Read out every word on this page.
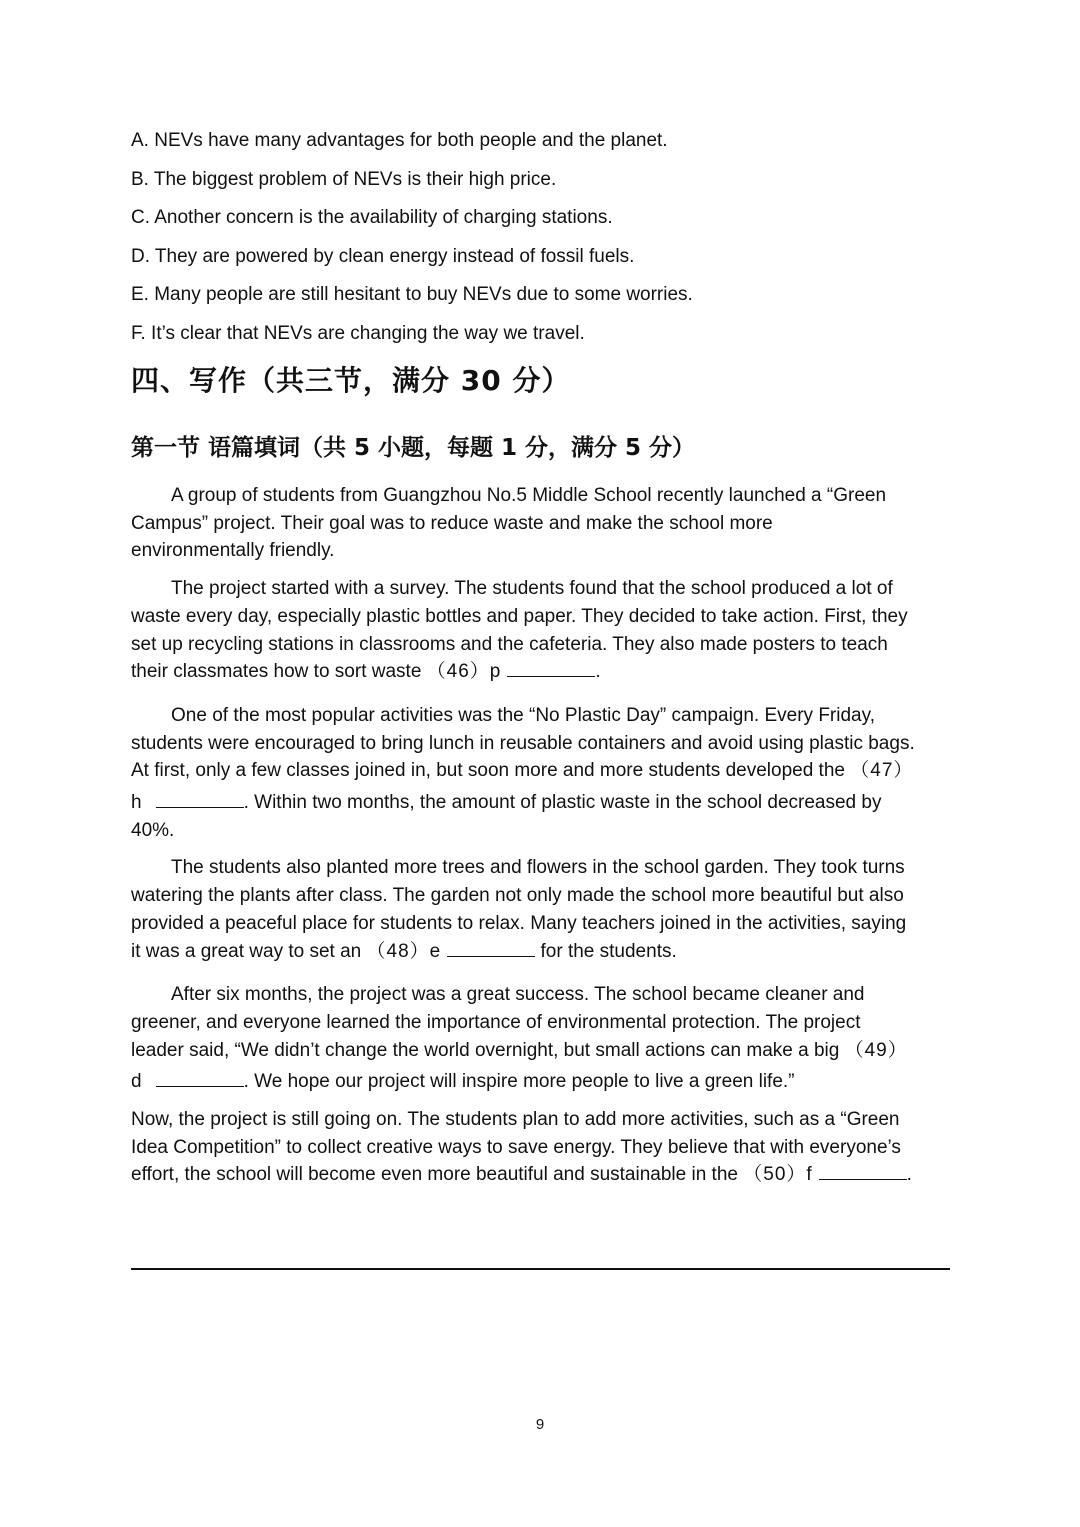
A. NEVs have many advantages for both people and the planet.
B. The biggest problem of NEVs is their high price.
C. Another concern is the availability of charging stations.
D. They are powered by clean energy instead of fossil fuels.
E. Many people are still hesitant to buy NEVs due to some worries.
F. It’s clear that NEVs are changing the way we travel.
四、写作（共三节，满分 30 分）
第一节 语篇填词（共 5 小题，每题 1 分，满分 5 分）
A group of students from Guangzhou No.5 Middle School recently launched a “Green
Campus” project. Their goal was to reduce waste and make the school more
environmentally friendly.
The project started with a survey. The students found that the school produced a lot of
waste every day, especially plastic bottles and paper. They decided to take action. First, they
set up recycling stations in classrooms and the cafeteria. They also made posters to teach
their classmates how to sort waste （46）p	.
One of the most popular activities was the “No Plastic Day” campaign. Every Friday,
students were encouraged to bring lunch in reusable containers and avoid using plastic bags.
At first, only a few classes joined in, but soon more and more students developed the （47）
h	. Within two months, the amount of plastic waste in the school decreased by
40%.
The students also planted more trees and flowers in the school garden. They took turns
watering the plants after class. The garden not only made the school more beautiful but also
provided a peaceful place for students to relax. Many teachers joined in the activities, saying
it was a great way to set an （48）e	for the students.
After six months, the project was a great success. The school became cleaner and
greener, and everyone learned the importance of environmental protection. The project
leader said, “We didn’t change the world overnight, but small actions can make a big （49）
d	. We hope our project will inspire more people to live a green life.”
Now, the project is still going on. The students plan to add more activities, such as a “Green
Idea Competition” to collect creative ways to save energy. They believe that with everyone’s
effort, the school will become even more beautiful and sustainable in the （50）f	.
9
